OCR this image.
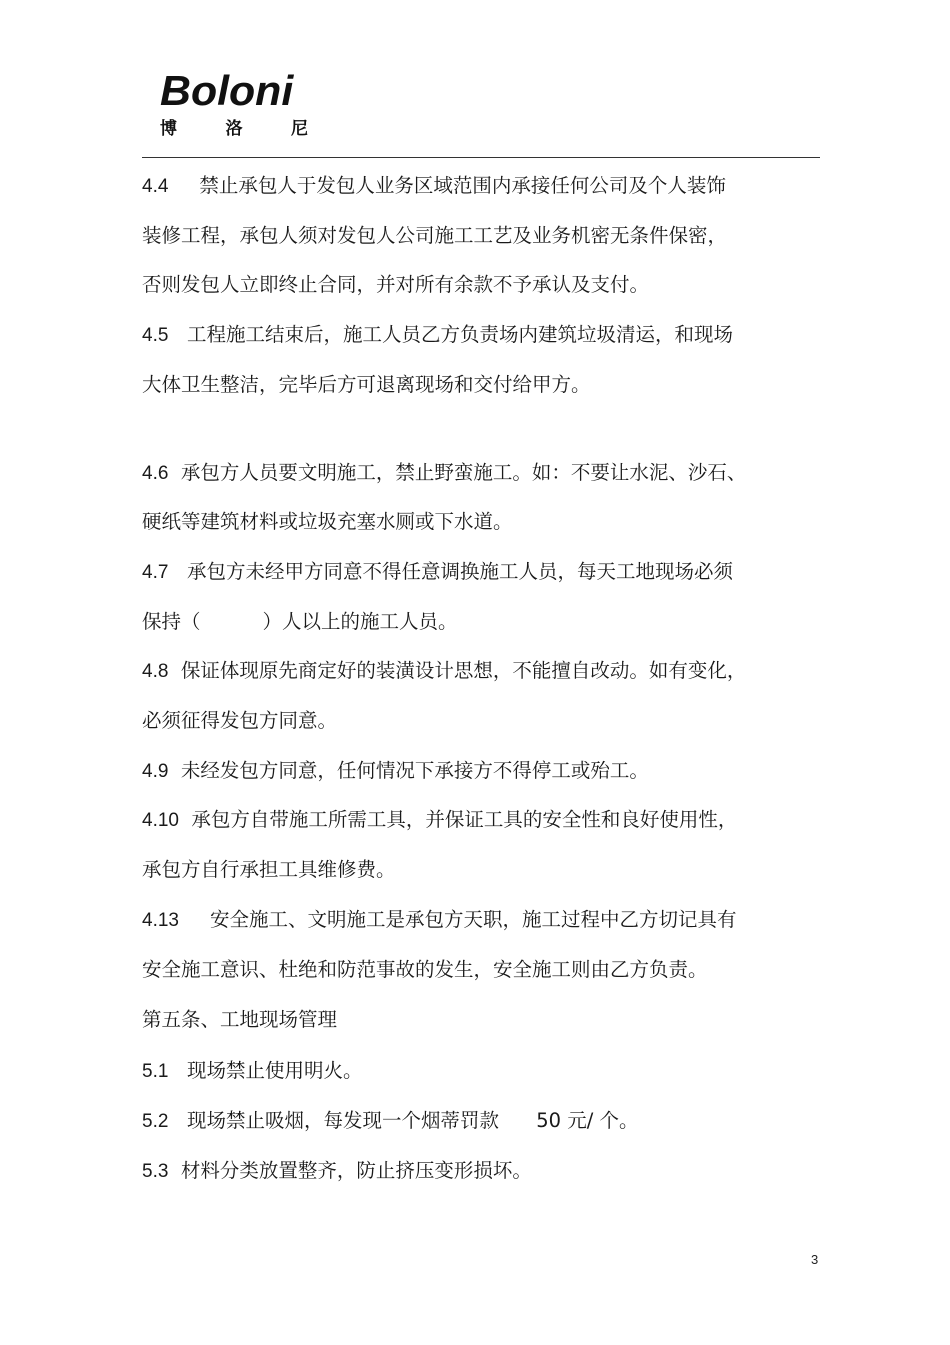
Boloni
博	洛	尼
4.4 禁止承包人于发包人业务区域范围内承接任何公司及个人装饰
装修工程，承包人须对发包人公司施工工艺及业务机密无条件保密，
否则发包人立即终止合同，并对所有余款不予承认及支付。
4.5 工程施工结束后，施工人员乙方负责场内建筑垃圾清运，和现场
大体卫生整洁，完毕后方可退离现场和交付给甲方。
4.6 承包方人员要文明施工，禁止野蛮施工。如：不要让水泥、沙石、
硬纸等建筑材料或垃圾充塞水厕或下水道。
4.7 承包方未经甲方同意不得任意调换施工人员，每天工地现场必须
保持（          ）人以上的施工人员。
4.8 保证体现原先商定好的装潢设计思想，不能擅自改动。如有变化，
必须征得发包方同意。
4.9 未经发包方同意，任何情况下承接方不得停工或殆工。
4.10 承包方自带施工所需工具，并保证工具的安全性和良好使用性，
承包方自行承担工具维修费。
4.13 安全施工、文明施工是承包方天职，施工过程中乙方切记具有
安全施工意识、杜绝和防范事故的发生，安全施工则由乙方负责。
第五条、工地现场管理
5.1 现场禁止使用明火。
5.2 现场禁止吸烟，每发现一个烟蒂罚款      50 元/ 个。
5.3 材料分类放置整齐，防止挤压变形损坏。
3
